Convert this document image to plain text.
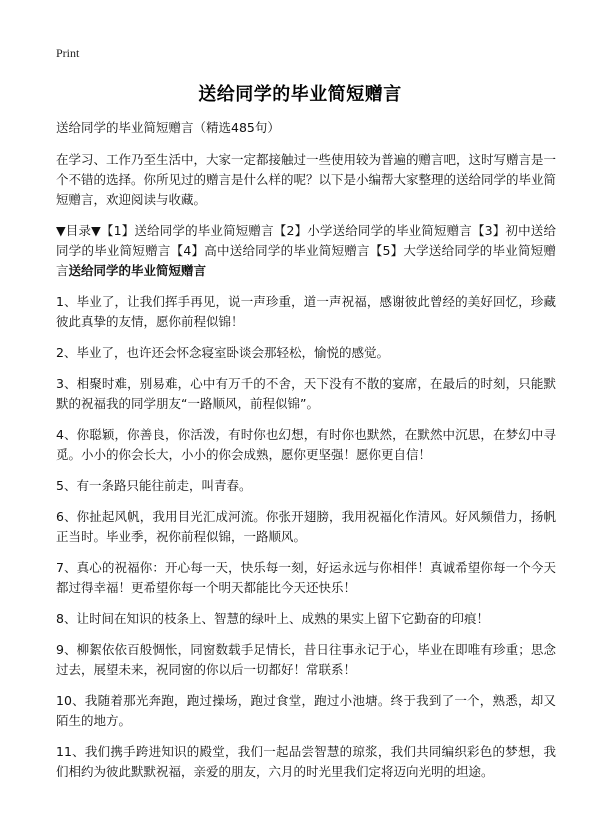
Print
送给同学的毕业简短赠言

送给同学的毕业简短赠言（精选485句）

在学习、工作乃至生活中，大家一定都接触过一些使用较为普遍的赠言吧，这时写赠言是一个不错的选择。你所见过的赠言是什么样的呢？以下是小编帮大家整理的送给同学的毕业简短赠言，欢迎阅读与收藏。

▼目录▼【1】送给同学的毕业简短赠言【2】小学送给同学的毕业简短赠言【3】初中送给同学的毕业简短赠言【4】高中送给同学的毕业简短赠言【5】大学送给同学的毕业简短赠言送给同学的毕业简短赠言

1、毕业了，让我们挥手再见，说一声珍重，道一声祝福，感谢彼此曾经的美好回忆，珍藏彼此真挚的友情，愿你前程似锦！

2、毕业了，也许还会怀念寝室卧谈会那轻松，愉悦的感觉。

3、相聚时难，别易难，心中有万千的不舍，天下没有不散的宴席，在最后的时刻，只能默默的祝福我的同学朋友“一路顺风，前程似锦”。

4、你聪颖，你善良，你活泼，有时你也幻想，有时你也默然，在默然中沉思，在梦幻中寻觅。小小的你会长大，小小的你会成熟，愿你更坚强！愿你更自信！

5、有一条路只能往前走，叫青春。

6、你扯起风帆，我用目光汇成河流。你张开翅膀，我用祝福化作清风。好风频借力，扬帆正当时。毕业季，祝你前程似锦，一路顺风。

7、真心的祝福你：开心每一天，快乐每一刻，好运永远与你相伴！真诚希望你每一个今天都过得幸福！更希望你每一个明天都能比今天还快乐！

8、让时间在知识的枝条上、智慧的绿叶上、成熟的果实上留下它勤奋的印痕！

9、柳絮依依百般惆怅，同窗数载手足情长，昔日往事永记于心，毕业在即唯有珍重；思念过去，展望未来，祝同窗的你以后一切都好！常联系！

10、我随着那光奔跑，跑过操场，跑过食堂，跑过小池塘。终于我到了一个，熟悉，却又陌生的地方。

11、我们携手跨进知识的殿堂，我们一起品尝智慧的琼浆，我们共同编织彩色的梦想，我们相约为彼此默默祝福，亲爱的朋友，六月的时光里我们定将迈向光明的坦途。
